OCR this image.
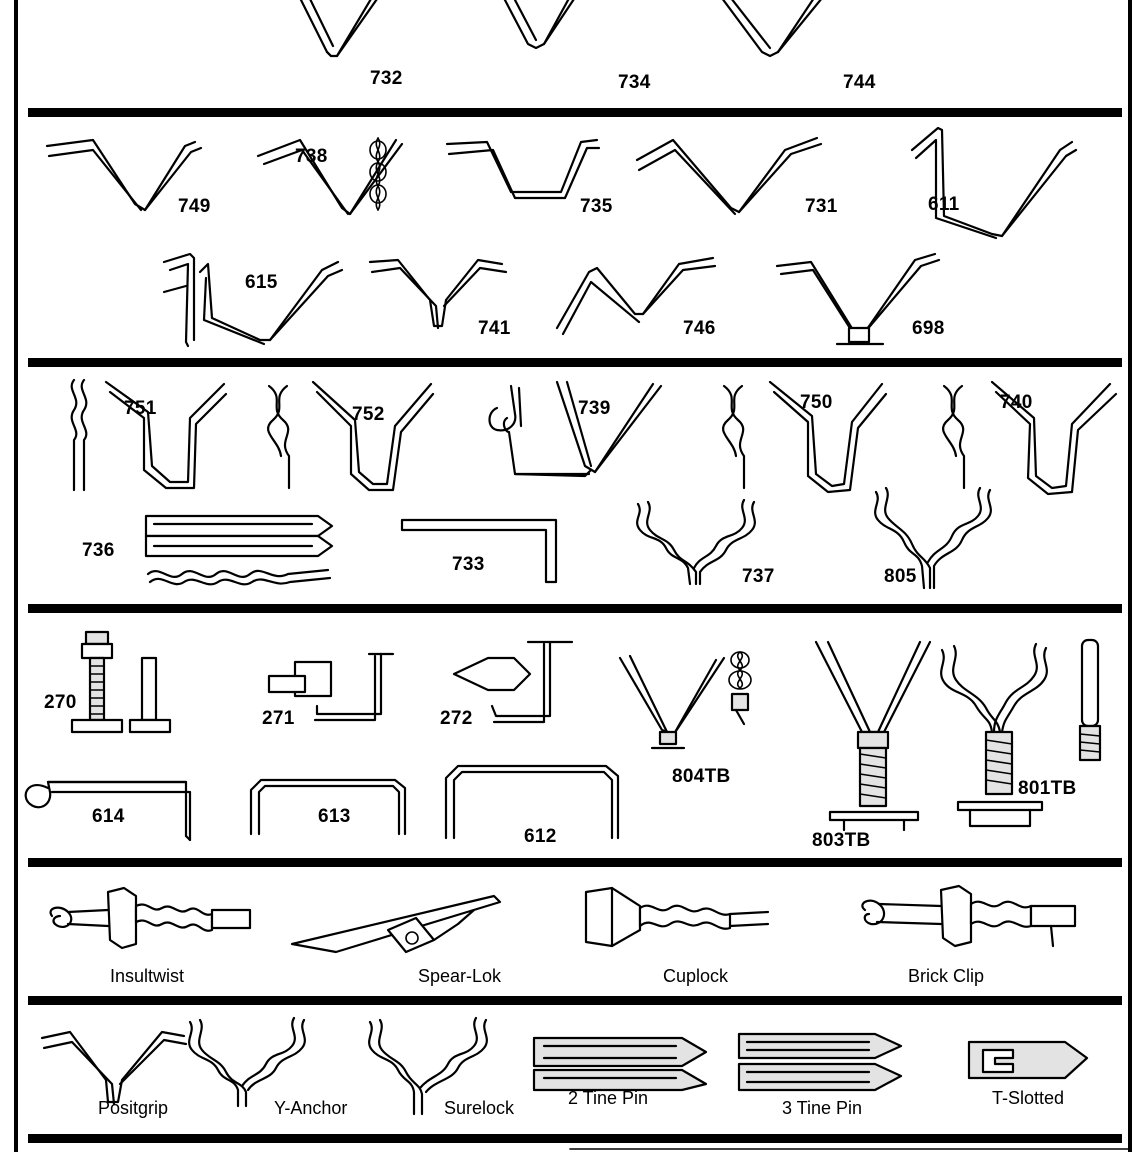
732	734	744
749
738
735	731	611
615
741	746	698
751	752	739	750	740
736
733
737	805
270
271	272
804TB
803TB
801TB
614	613
612
Insultwist	Spear-Lok	Cuplock	Brick Clip
Positgrip	Y-Anchor	Surelock	2 Tine Pin	3 Tine Pin	T-Slotted
